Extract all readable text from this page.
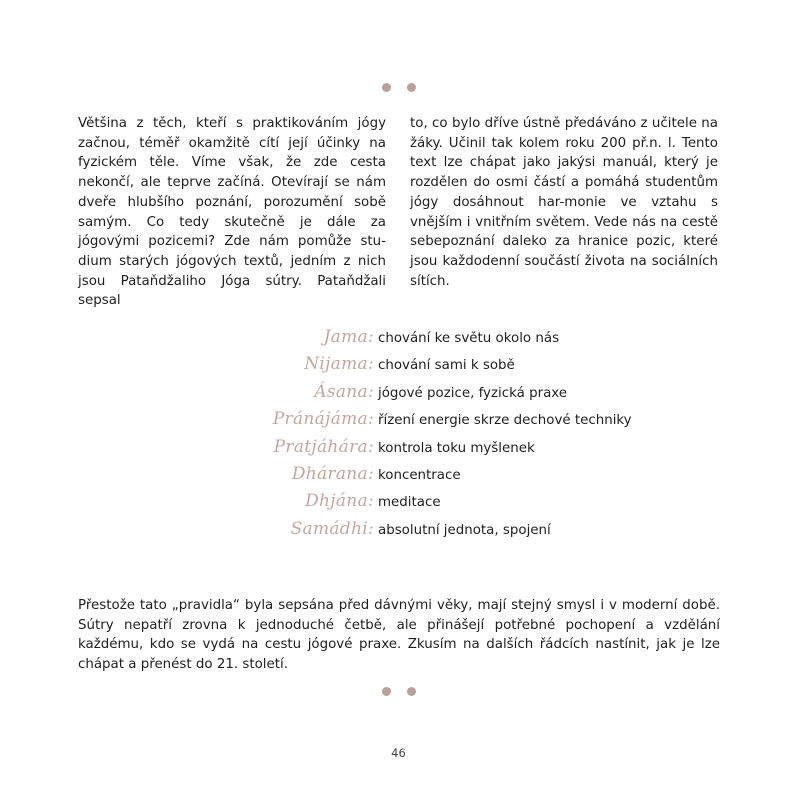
Většina z těch, kteří s praktikováním jógy začnou, téměř okamžitě cítí její účinky na fyzickém těle. Víme však, že zde cesta nekončí, ale teprve začíná. Otevírají se nám dveře hlubšího poznání, porozumění sobě samým. Co tedy skutečně je dále za jógovými pozicemi? Zde nám pomůže stu-dium starých jógových textů, jedním z nich jsou Pataňdžaliho Jóga sútry. Pataňdžali sepsal

to, co bylo dříve ústně předáváno z učitele na žáky. Učinil tak kolem roku 200 př.n. l. Tento text lze chápat jako jakýsi manuál, který je rozdělen do osmi částí a pomáhá studentům jógy dosáhnout har-monie ve vztahu s vnějším i vnitřním světem. Vede nás na cestě sebepoznání daleko za hranice pozic, které jsou každodenní součástí života na sociálních sítích.

Jama: chování ke světu okolo nás
Nijama: chování sami k sobě
Ásana: jógové pozice, fyzická praxe
Pránájáma: řízení energie skrze dechové techniky
Pratjáhára: kontrola toku myšlenek
Dhárana: koncentrace
Dhjána: meditace
Samádhi: absolutní jednota, spojení

Přestože tato „pravidla“ byla sepsána před dávnými věky, mají stejný smysl i v moderní době. Sútry nepatří zrovna k jednoduché četbě, ale přinášejí potřebné pochopení a vzdělání každému, kdo se vydá na cestu jógové praxe. Zkusím na dalších řádcích nastínit, jak je lze chápat a přenést do 21. století.

46
